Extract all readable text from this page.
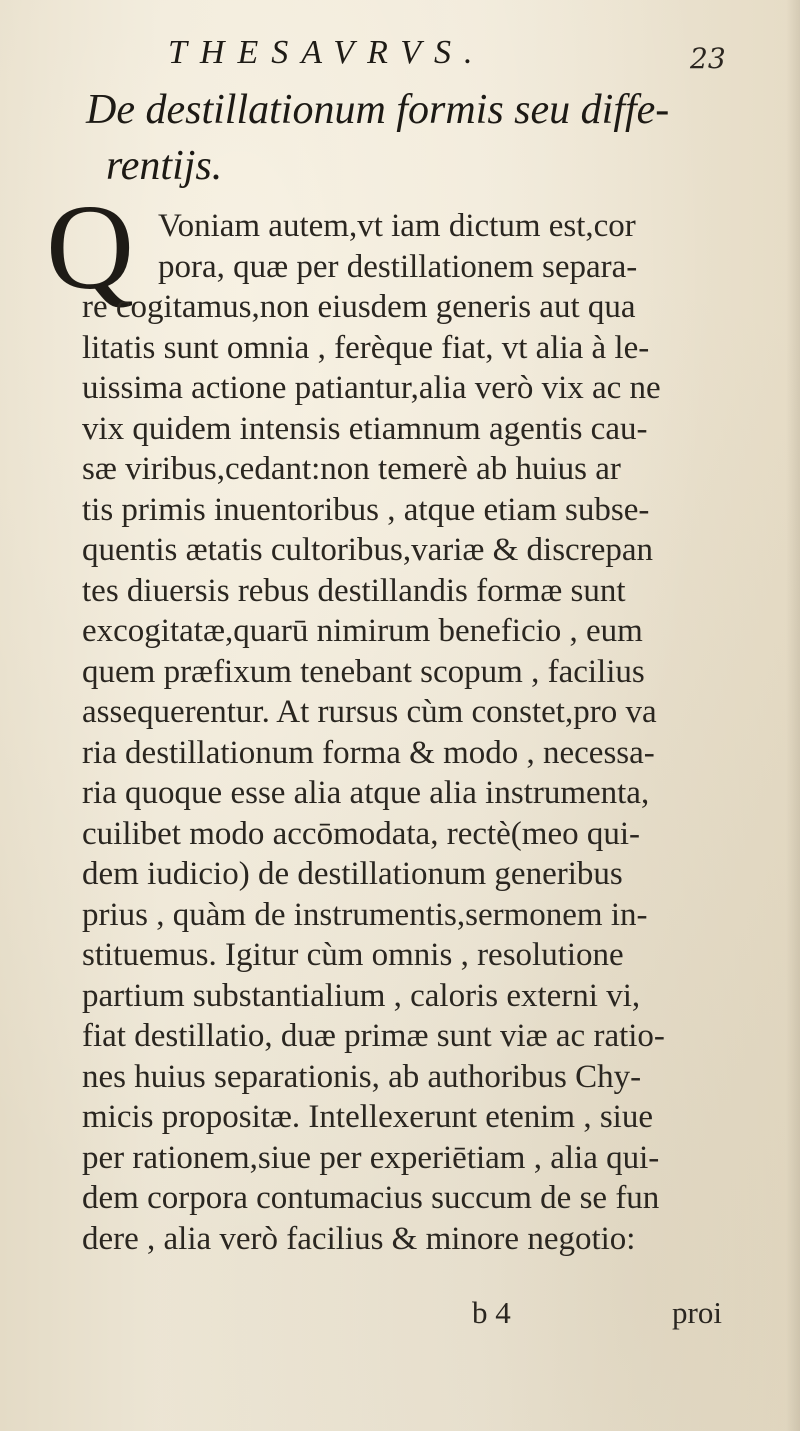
THESAVRVS.	23
De destillationum formis seu diffe-
rentijs.
Q Voniam autem,vt iam dictum est,cor
pora, quæ per destillationem separa-
re cogitamus,non eiusdem generis aut qua
litatis sunt omnia , ferèque fiat, vt alia à le-
uissima actione patiantur,alia verò vix ac ne
vix quidem intensis etiamnum agentis cau-
sæ viribus,cedant:non temerè ab huius ar
tis primis inuentoribus , atque etiam subse-
quentis ætatis cultoribus,variæ & discrepan
tes diuersis rebus destillandis formæ sunt
excogitatæ,quarū nimirum beneficio , eum
quem præfixum tenebant scopum , facilius
assequerentur. At rursus cùm constet,pro va
ria destillationum forma & modo , necessa-
ria quoque esse alia atque alia instrumenta,
cuilibet modo accōmodata, rectè(meo qui-
dem iudicio) de destillationum generibus
prius , quàm de instrumentis,sermonem in-
stituemus. Igitur cùm omnis , resolutione
partium substantialium , caloris externi vi,
fiat destillatio, duæ primæ sunt viæ ac ratio-
nes huius separationis, ab authoribus Chy-
micis propositæ. Intellexerunt etenim , siue
per rationem,siue per experiētiam , alia qui-
dem corpora contumacius succum de se fun
dere , alia verò facilius & minore negotio:
b 4	proi
